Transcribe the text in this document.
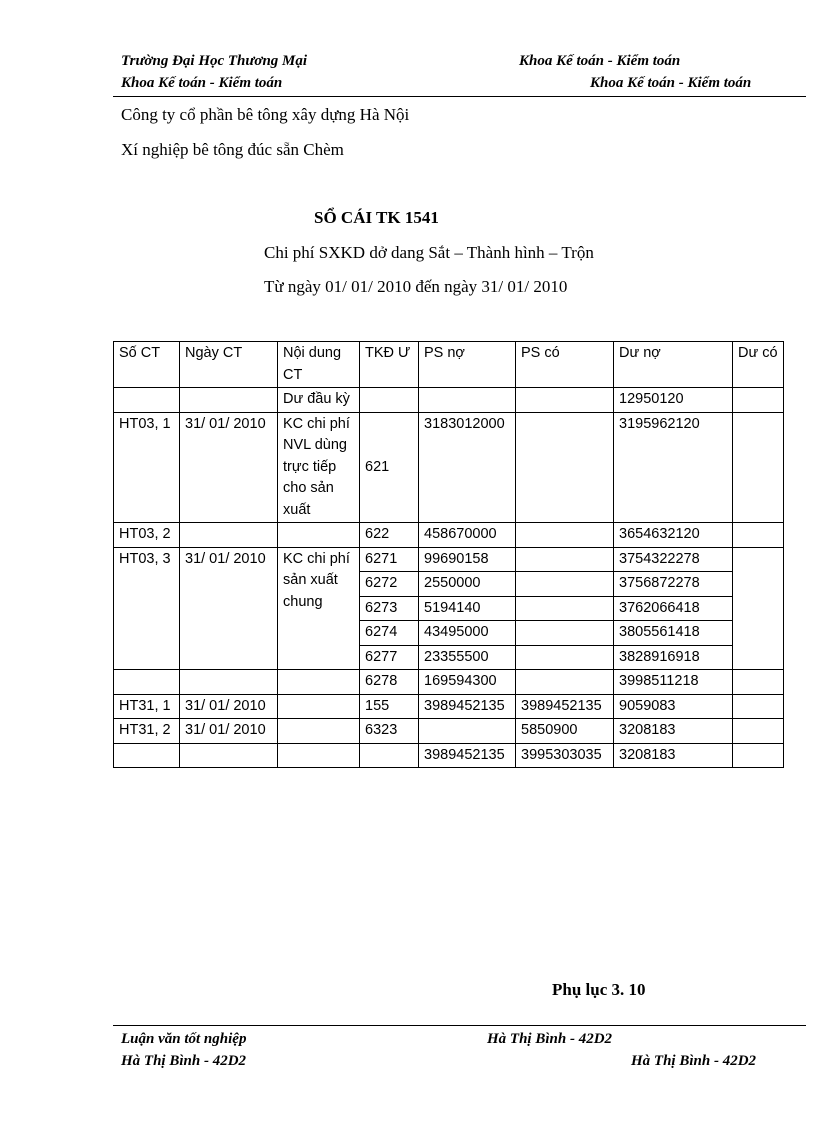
Trường Đại Học Thương Mại	Khoa Kế toán - Kiểm toán
Khoa Kế toán - Kiểm toán	Khoa Kế toán - Kiểm toán
Công ty cổ phần bê tông xây dựng Hà Nội
Xí nghiệp bê tông đúc sẵn Chèm
SỔ CÁI TK 1541
Chi phí SXKD dở dang Sắt – Thành hình – Trộn
Từ ngày 01/ 01/ 2010 đến ngày 31/ 01/ 2010
Số CT	Ngày CT	Nội dung CT	TKĐ Ư	PS nợ	PS có	Dư nợ	Dư có
		Dư đầu kỳ				12950120	
HT03, 1	31/ 01/ 2010	KC chi phí NVL dùng trực tiếp cho sản xuất	621	3183012000		3195962120	
HT03, 2			622	458670000		3654632120	
HT03, 3	31/ 01/ 2010	KC chi phí sản xuất chung	6271	99690158		3754322278	
			6272	2550000		3756872278	
			6273	5194140		3762066418	
			6274	43495000		3805561418	
			6277	23355500		3828916918	
			6278	169594300		3998511218	
HT31, 1	31/ 01/ 2010		155	3989452135	3989452135	9059083	
HT31, 2	31/ 01/ 2010		6323		5850900	3208183	
				3989452135	3995303035	3208183	
Phụ lục 3. 10
Luận văn tốt nghiệp	Hà Thị Bình - 42D2
Hà Thị Bình - 42D2	Hà Thị Bình - 42D2
